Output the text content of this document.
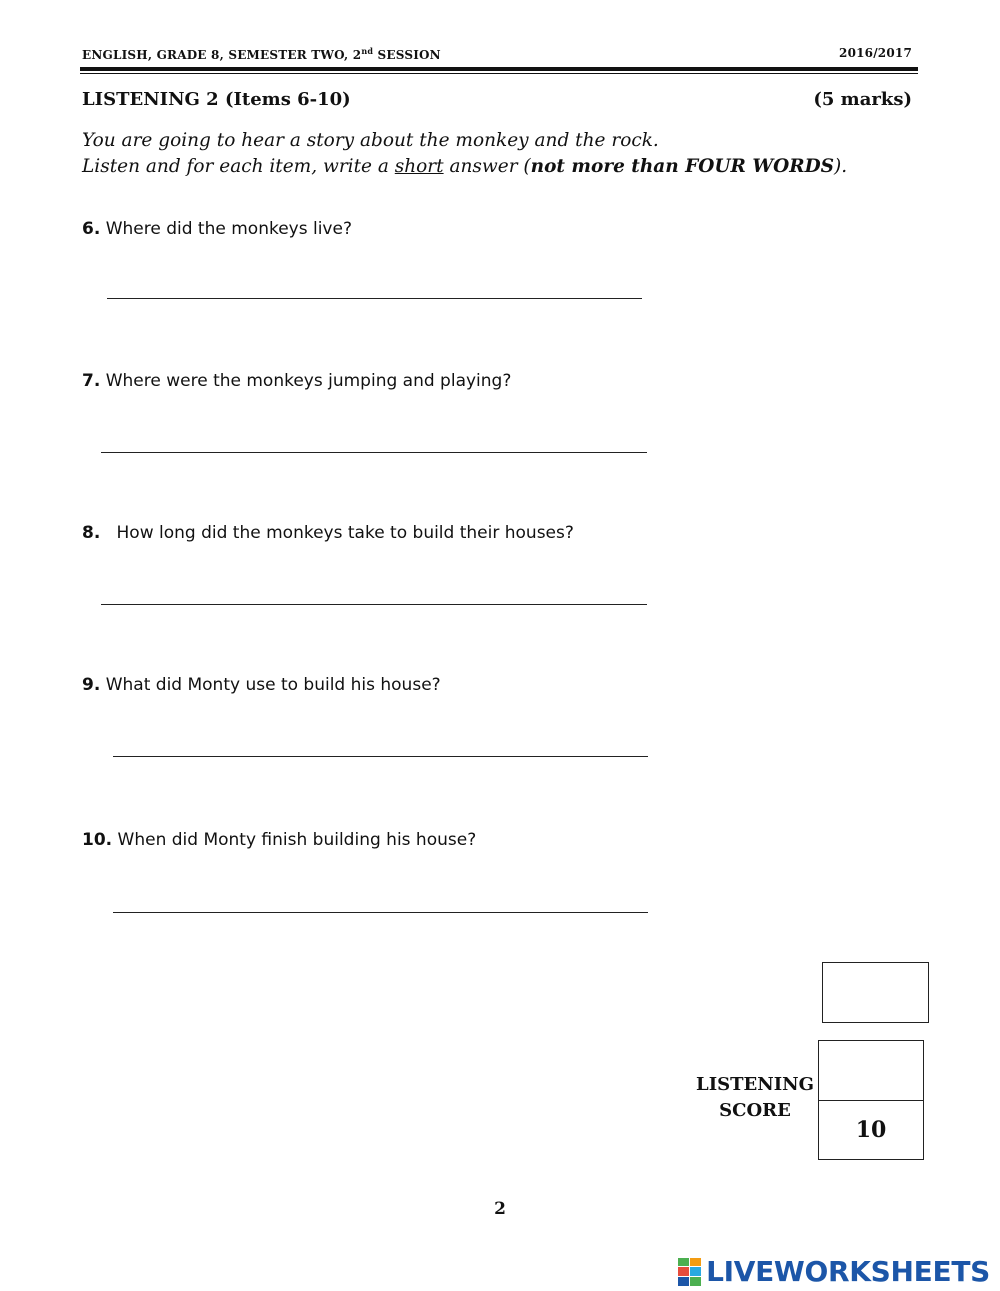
ENGLISH, GRADE 8, SEMESTER TWO, 2nd SESSION	2016/2017
LISTENING 2 (Items 6-10)	(5 marks)
You are going to hear a story about the monkey and the rock.
Listen and for each item, write a short answer (not more than FOUR WORDS).
6. Where did the monkeys live?
7. Where were the monkeys jumping and playing?
8. How long did the monkeys take to build their houses?
9. What did Monty use to build his house?
10. When did Monty finish building his house?
10
LISTENING
SCORE
2
LIVEWORKSHEETS
